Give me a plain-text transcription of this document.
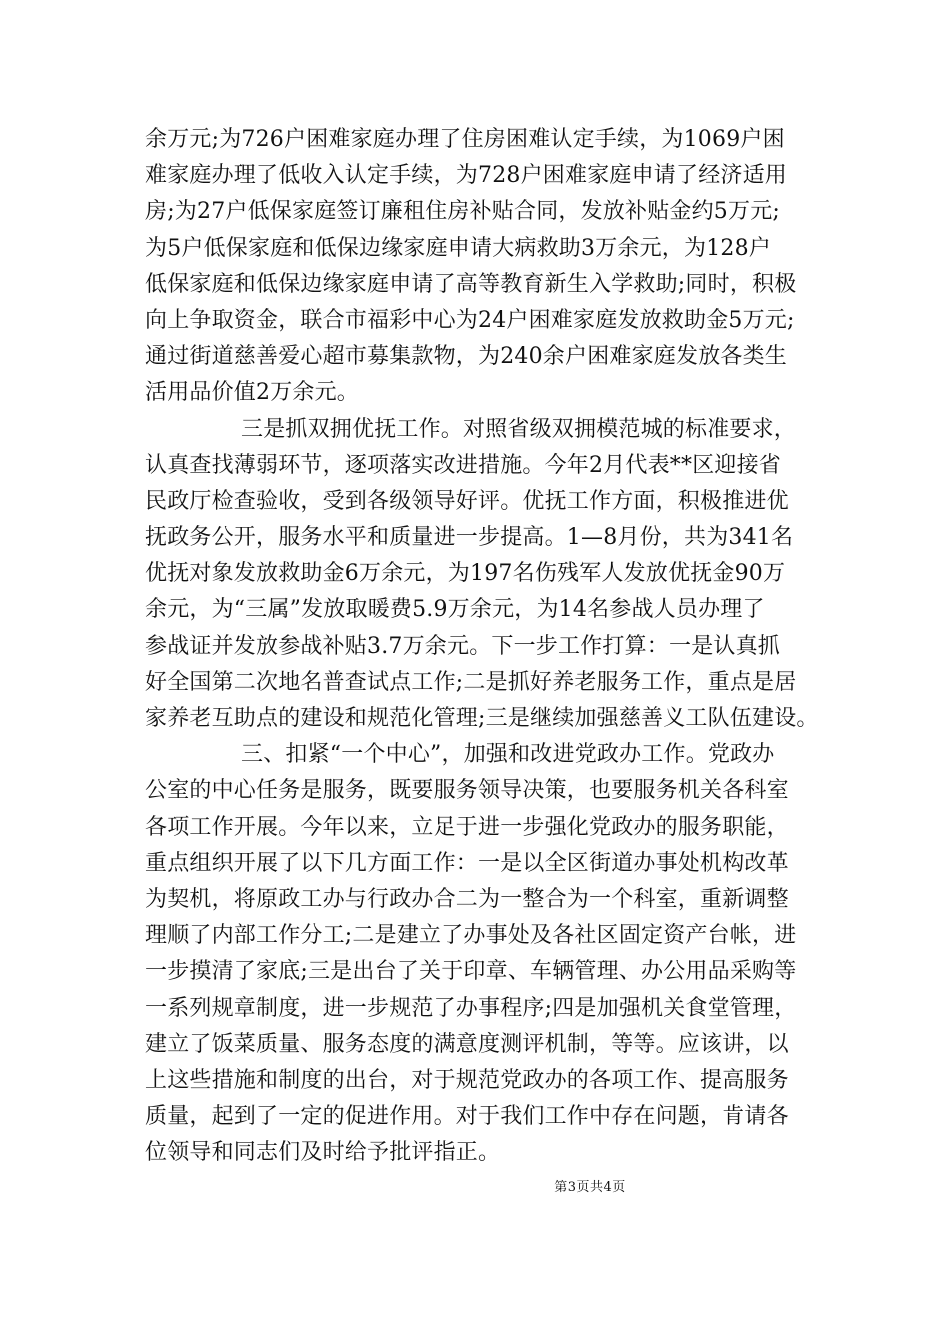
余万元;为726户困难家庭办理了住房困难认定手续，为1069户困
难家庭办理了低收入认定手续，为728户困难家庭申请了经济适用
房;为27户低保家庭签订廉租住房补贴合同，发放补贴金约5万元;
为5户低保家庭和低保边缘家庭申请大病救助3万余元，为128户
低保家庭和低保边缘家庭申请了高等教育新生入学救助;同时，积极
向上争取资金，联合市福彩中心为24户困难家庭发放救助金5万元;
通过街道慈善爱心超市募集款物，为240余户困难家庭发放各类生
活用品价值2万余元。
三是抓双拥优抚工作。对照省级双拥模范城的标准要求，
认真查找薄弱环节，逐项落实改进措施。今年2月代表**区迎接省
民政厅检查验收，受到各级领导好评。优抚工作方面，积极推进优
抚政务公开，服务水平和质量进一步提高。1—8月份，共为341名
优抚对象发放救助金6万余元，为197名伤残军人发放优抚金90万
余元，为“三属”发放取暖费5.9万余元，为14名参战人员办理了
参战证并发放参战补贴3.7万余元。下一步工作打算：一是认真抓
好全国第二次地名普查试点工作;二是抓好养老服务工作，重点是居
家养老互助点的建设和规范化管理;三是继续加强慈善义工队伍建设。
三、扣紧“一个中心”，加强和改进党政办工作。党政办
公室的中心任务是服务，既要服务领导决策，也要服务机关各科室
各项工作开展。今年以来，立足于进一步强化党政办的服务职能，
重点组织开展了以下几方面工作：一是以全区街道办事处机构改革
为契机，将原政工办与行政办合二为一整合为一个科室，重新调整
理顺了内部工作分工;二是建立了办事处及各社区固定资产台帐，进
一步摸清了家底;三是出台了关于印章、车辆管理、办公用品采购等
一系列规章制度，进一步规范了办事程序;四是加强机关食堂管理，
建立了饭菜质量、服务态度的满意度测评机制，等等。应该讲，以
上这些措施和制度的出台，对于规范党政办的各项工作、提高服务
质量，起到了一定的促进作用。对于我们工作中存在问题，肯请各
位领导和同志们及时给予批评指正。
第3页共4页
